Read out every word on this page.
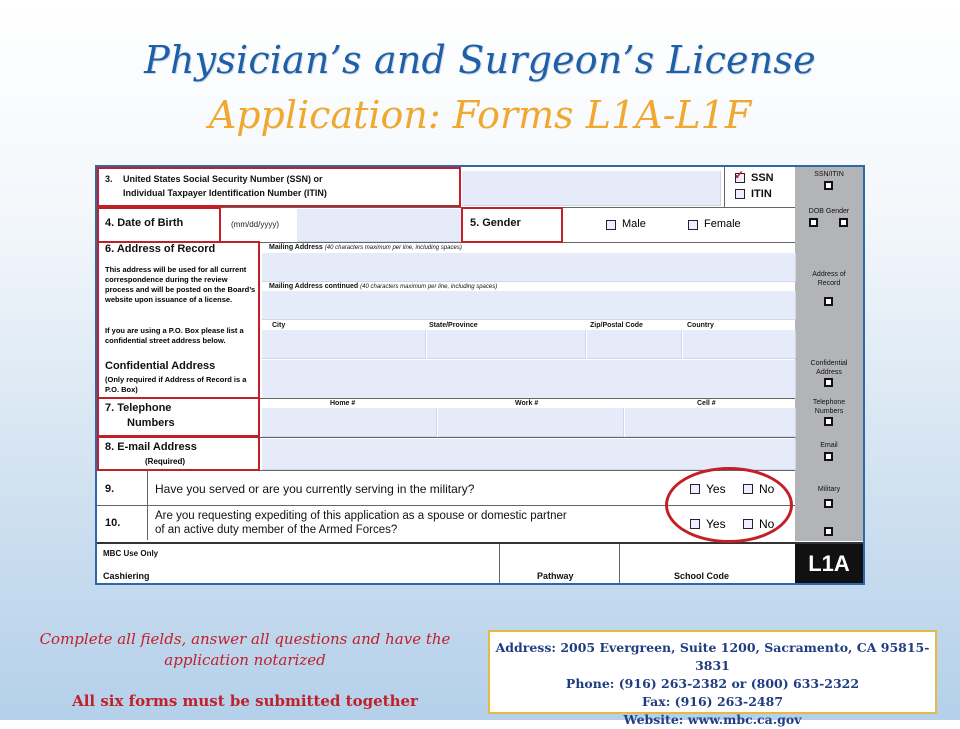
Physician’s and Surgeon’s License
Application: Forms L1A-L1F
SSN/ITIN
DOB Gender
Address of Record
Confidential Address
Telephone Numbers
Email
Military
3. United States Social Security Number (SSN) or
Individual Taxpayer Identification Number (ITIN)
✓ SSN
ITIN
4. Date of Birth	(mm/dd/yyyy)	5. Gender	Male	Female
6. Address of Record
This address will be used for all current correspondence during the review process and will be posted on the Board’s website upon issuance of a license.
If you are using a P.O. Box please list a confidential street address below.
Mailing Address (40 characters maximum per line, including spaces)
Mailing Address continued (40 characters maximum per line, including spaces)
City	State/Province	Zip/Postal Code	Country
Confidential Address
(Only required if Address of Record is a P.O. Box)
7. Telephone
Numbers
Home #	Work #	Cell #
8. E-mail Address
(Required)
9.	Have you served or are you currently serving in the military?	Yes	No
10.
Are you requesting expediting of this application as a spouse or domestic partner
of an active duty member of the Armed Forces?	Yes	No
MBC Use Only
Cashiering	Pathway	School Code	L1A
Complete all fields, answer all questions and have the application notarized
All six forms must be submitted together
Address: 2005 Evergreen, Suite 1200, Sacramento, CA 95815-3831
Phone: (916) 263-2382 or (800) 633-2322
Fax: (916) 263-2487
Website: www.mbc.ca.gov
